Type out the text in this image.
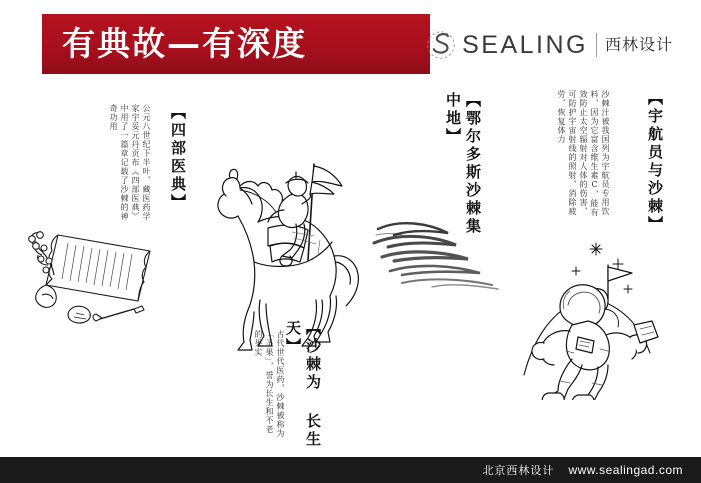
有典故—有深度	SEALING 西林设计
【四部医典】
公元八世纪下半叶，藏医药学家宇妥元丹贡布《四部医典》中用了一篇章记载了沙棘的神奇功用	【鄂尔多斯沙棘集中地】	【宇航员与沙棘】
沙棘汁被我国列为宇航员专用饮料，因为它富含维生素C，能有效防止太空辐射对人体的伤害，可防护宇宙射线的照射，消除疲劳，恢复体力
【沙棘为 长生天】
古代世代医药，沙棘被称为「圣果」，誉为长生和不老的果实
北京西林设计 www.sealingad.com
